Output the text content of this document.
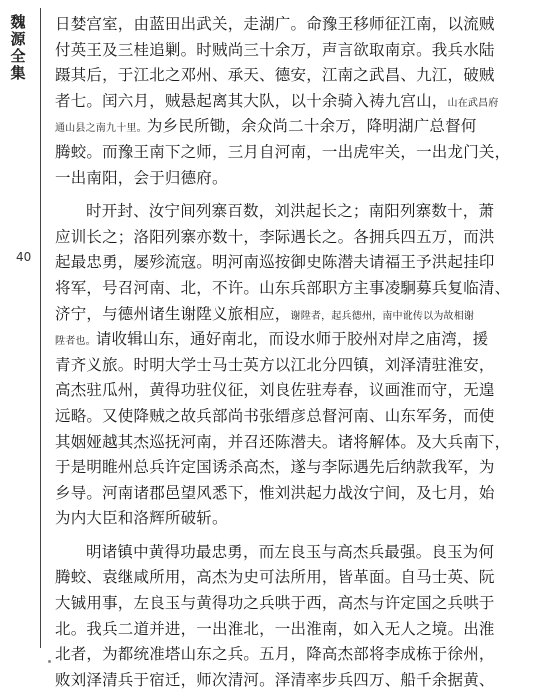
魏源全集
40
日婪宫室，由蓝田出武关，走湖广。命豫王移师征江南，以流贼
付英王及三桂追剿。时贼尚三十余万，声言欲取南京。我兵水陆
蹑其后，于江北之邓州、承天、德安，江南之武昌、九江，破贼
者七。闰六月，贼悬起离其大队，以十余骑入祷九宫山，山在武昌府
通山县之南九十里。为乡民所锄，余众尚二十余万，降明湖广总督何
腾蛟。而豫王南下之师，三月自河南，一出虎牢关，一出龙门关，
一出南阳，会于归德府。
时开封、汝宁间列寨百数，刘洪起长之；南阳列寨数十，萧
应训长之；洛阳列寨亦数十，李际遇长之。各拥兵四五万，而洪
起最忠勇，屡殄流寇。明河南巡按御史陈潜夫请福王予洪起挂印
将军，号召河南、北，不许。山东兵部职方主事凌駉募兵复临清、
济宁，与德州诸生谢陞义旅相应，谢陞者，起兵德州，南中讹传以为故相谢
陞者也。请收辑山东，通好南北，而设水师于胶州对岸之庙湾，援
青齐义旅。时明大学士马士英方以江北分四镇，刘泽清驻淮安，
高杰驻瓜州，黄得功驻仪征，刘良佐驻寿春，议画淮而守，无遑
远略。又使降贼之故兵部尚书张缙彦总督河南、山东军务，而使
其姻娅越其杰巡抚河南，并召还陈潜夫。诸将解体。及大兵南下，
于是明睢州总兵许定国诱杀高杰，遂与李际遇先后纳款我军，为
乡导。河南诸郡邑望风悉下，惟刘洪起力战汝宁间，及七月，始
为内大臣和洛辉所破斩。
明诸镇中黄得功最忠勇，而左良玉与高杰兵最强。良玉为何
腾蛟、袁继咸所用，高杰为史可法所用，皆革面。自马士英、阮
大铖用事，左良玉与黄得功之兵哄于西，高杰与许定国之兵哄于
北。我兵二道并进，一出淮北，一出淮南，如入无人之境。出淮
北者，为都统准塔山东之兵。五月，降高杰部将李成栋于徐州，
败刘泽清兵于宿迁，师次清河。泽清率步兵四万、船千余据黄、
